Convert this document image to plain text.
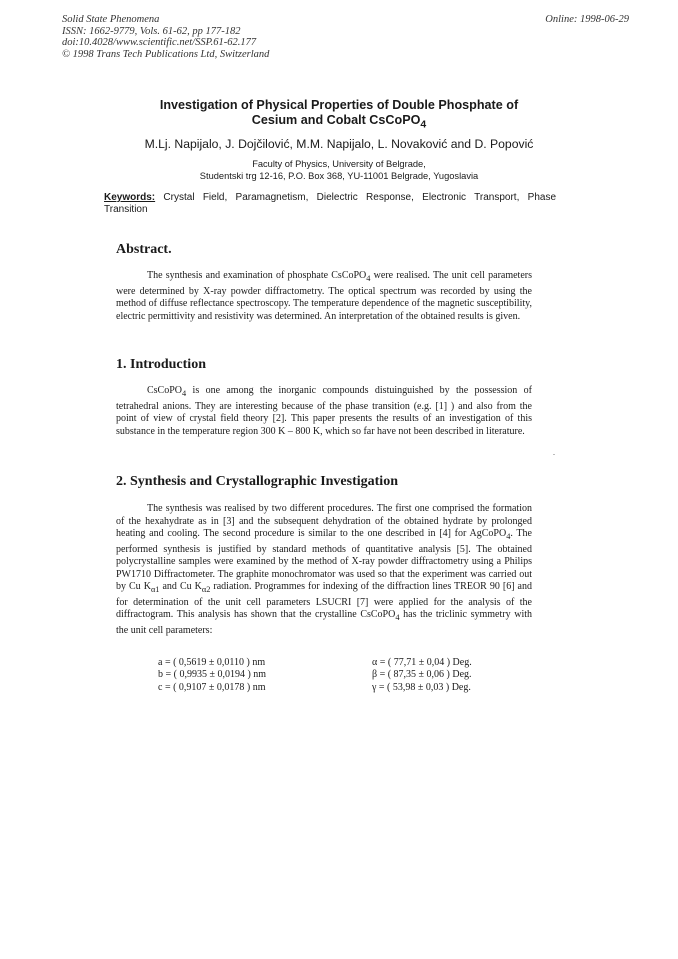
Solid State Phenomena
ISSN: 1662-9779, Vols. 61-62, pp 177-182
doi:10.4028/www.scientific.net/SSP.61-62.177
© 1998 Trans Tech Publications Ltd, Switzerland
Online: 1998-06-29
Investigation of Physical Properties of Double Phosphate of
Cesium and Cobalt CsCoPO$_4$
M.Lj. Napijalo, J. Dojčilović, M.M. Napijalo, L. Novaković and D. Popović
Faculty of Physics, University of Belgrade,
Studentski trg 12-16, P.O. Box 368, YU-11001 Belgrade, Yugoslavia
Keywords: Crystal Field, Paramagnetism, Dielectric Response, Electronic Transport, Phase Transition
Abstract.

The synthesis and examination of phosphate CsCoPO$_4$ were realised. The unit cell parameters were determined by X-ray powder diffractometry. The optical spectrum was recorded by using the method of diffuse reflectance spectroscopy. The temperature dependence of the magnetic susceptibility, electric permittivity and resistivity was determined. An interpretation of the obtained results is given.

1. Introduction

CsCoPO$_4$ is one among the inorganic compounds distuinguished by the possession of tetrahedral anions. They are interesting because of the phase transition (e.g. [1] ) and also from the point of view of crystal field theory [2]. This paper presents the results of an investigation of this substance in the temperature region 300 K – 800 K, which so far have not been described in literature.

2. Synthesis and Crystallographic Investigation

The synthesis was realised by two different procedures. The first one comprised the formation of the hexahydrate as in [3] and the subsequent dehydration of the obtained hydrate by prolonged heating and cooling. The second procedure is similar to the one described in [4] for AgCoPO$_4$. The performed synthesis is justified by standard methods of quantitative analysis [5]. The obtained polycrystalline samples were examined by the method of X-ray powder diffractometry using a Philips PW1710 Diffractometer. The graphite monochromator was used so that the experiment was carried out by Cu $K_{\alpha 1}$ and Cu $K_{\alpha 2}$ radiation. Programmes for indexing of the diffraction lines TREOR 90 [6] and for determination of the unit cell parameters LSUCRI [7] were applied for the analysis of the diffractogram. This analysis has shown that the crystalline CsCoPO$_4$ has the triclinic symmetry with the unit cell parameters:

a = ( 0,5619 ± 0,0110 ) nm
b = ( 0,9935 ± 0,0194 ) nm
c = ( 0,9107 ± 0,0178 ) nm
α = ( 77,71 ± 0,04 ) Deg.
β = ( 87,35 ± 0,06 ) Deg.
γ = ( 53,98 ± 0,03 ) Deg.
